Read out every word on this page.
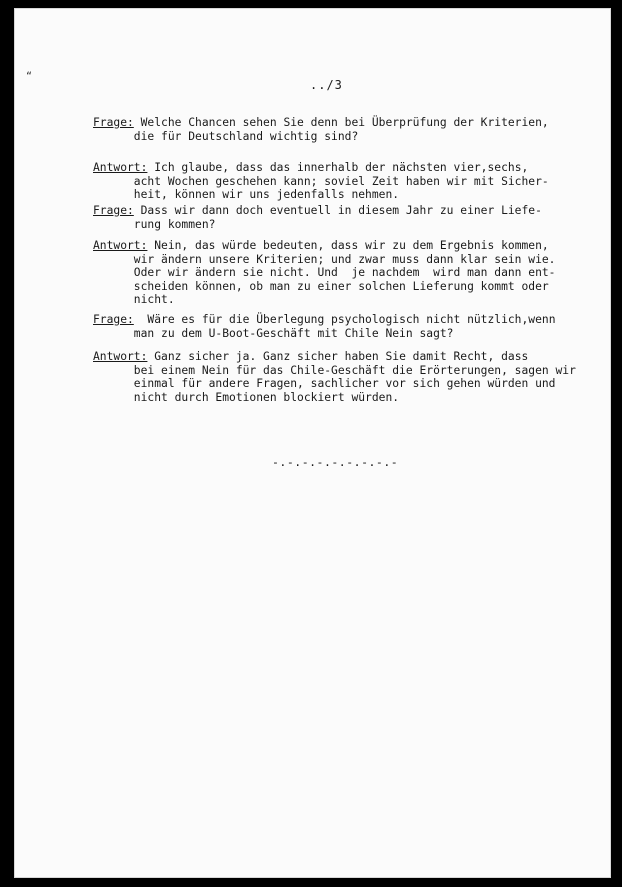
“
../3
Frage: Welche Chancen sehen Sie denn bei Überprüfung der Kriterien,
die für Deutschland wichtig sind?
Antwort: Ich glaube, dass das innerhalb der nächsten vier,sechs,
acht Wochen geschehen kann; soviel Zeit haben wir mit Sicher-
heit, können wir uns jedenfalls nehmen.
Frage: Dass wir dann doch eventuell in diesem Jahr zu einer Liefe-
rung kommen?
Antwort: Nein, das würde bedeuten, dass wir zu dem Ergebnis kommen,
wir ändern unsere Kriterien; und zwar muss dann klar sein wie.
Oder wir ändern sie nicht. Und  je nachdem  wird man dann ent-
scheiden können, ob man zu einer solchen Lieferung kommt oder
nicht.
Frage:  Wäre es für die Überlegung psychologisch nicht nützlich,wenn
man zu dem U-Boot-Geschäft mit Chile Nein sagt?
Antwort: Ganz sicher ja. Ganz sicher haben Sie damit Recht, dass
bei einem Nein für das Chile-Geschäft die Erörterungen, sagen wir
einmal für andere Fragen, sachlicher vor sich gehen würden und
nicht durch Emotionen blockiert würden.
-.-.-.-.-.-.-.-.-
